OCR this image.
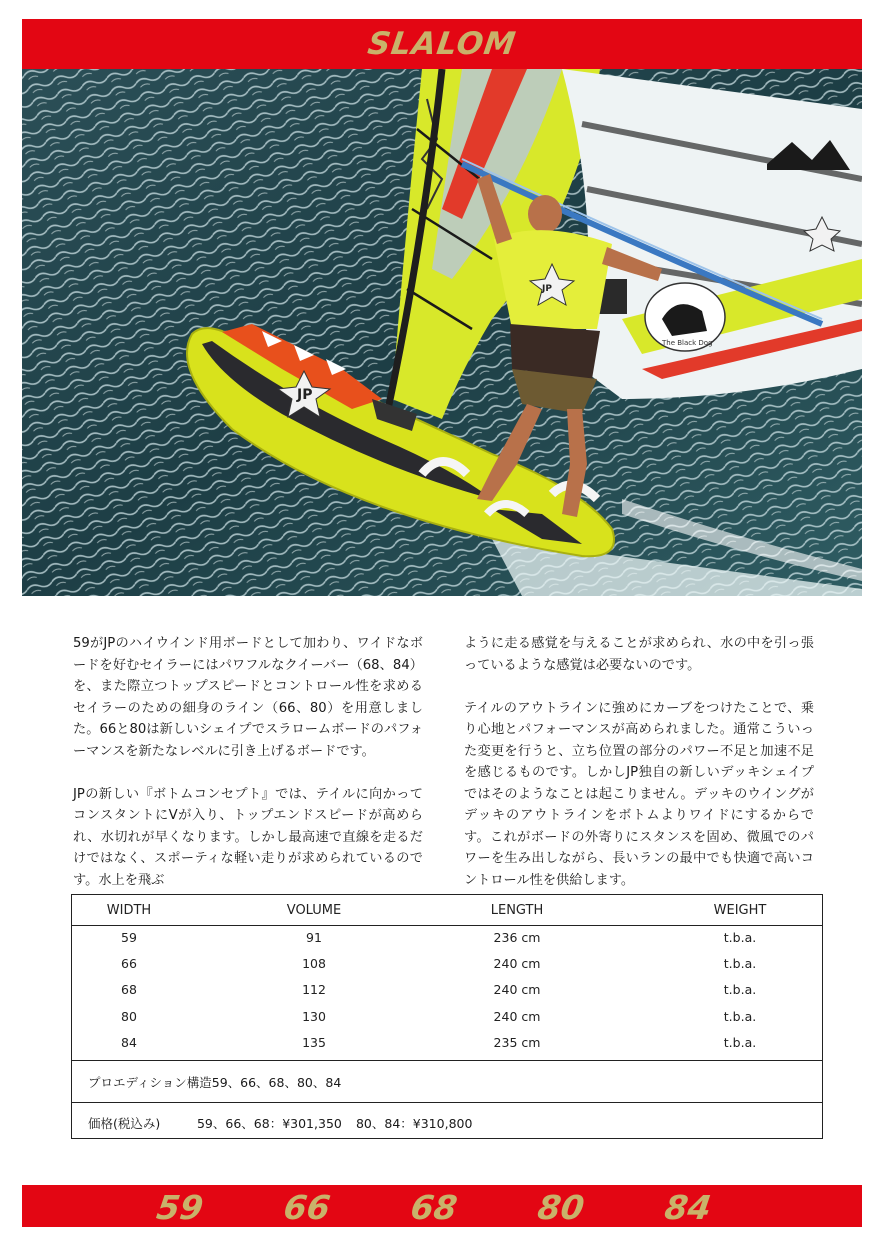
SLALOM
JP
The Black Dog
JP

59がJPのハイウインド用ボードとして加わり、ワイドなボードを好むセイラーにはパワフルなクイーバー（68、84）を、また際立つトップスピードとコントロール性を求めるセイラーのための細身のライン（66、80）を用意しました。66と80は新しいシェイプでスラロームボードのパフォーマンスを新たなレベルに引き上げるボードです。

JPの新しい『ボトムコンセプト』では、テイルに向かってコンスタントにVが入り、トップエンドスピードが高められ、水切れが早くなります。しかし最高速で直線を走るだけではなく、スポーティな軽い走りが求められているのです。水上を飛ぶ

ように走る感覚を与えることが求められ、水の中を引っ張っているような感覚は必要ないのです。

テイルのアウトラインに強めにカーブをつけたことで、乗り心地とパフォーマンスが高められました。通常こういった変更を行うと、立ち位置の部分のパワー不足と加速不足を感じるものです。しかしJP独自の新しいデッキシェイプではそのようなことは起こりません。デッキのウイングがデッキのアウトラインをボトムよりワイドにするからです。これがボードの外寄りにスタンスを固め、微風でのパワーを生み出しながら、長いランの最中でも快適で高いコントロール性を供給します。

WIDTH	VOLUME	LENGTH	WEIGHT
59	91	236 cm	t.b.a.
66	108	240 cm	t.b.a.
68	112	240 cm	t.b.a.
80	130	240 cm	t.b.a.
84	135	235 cm	t.b.a.
プロエディション構造59、66、68、80、84
価格(税込み)	59、66、68：¥301,350 80、84：¥310,800
59 66 68 80 84
